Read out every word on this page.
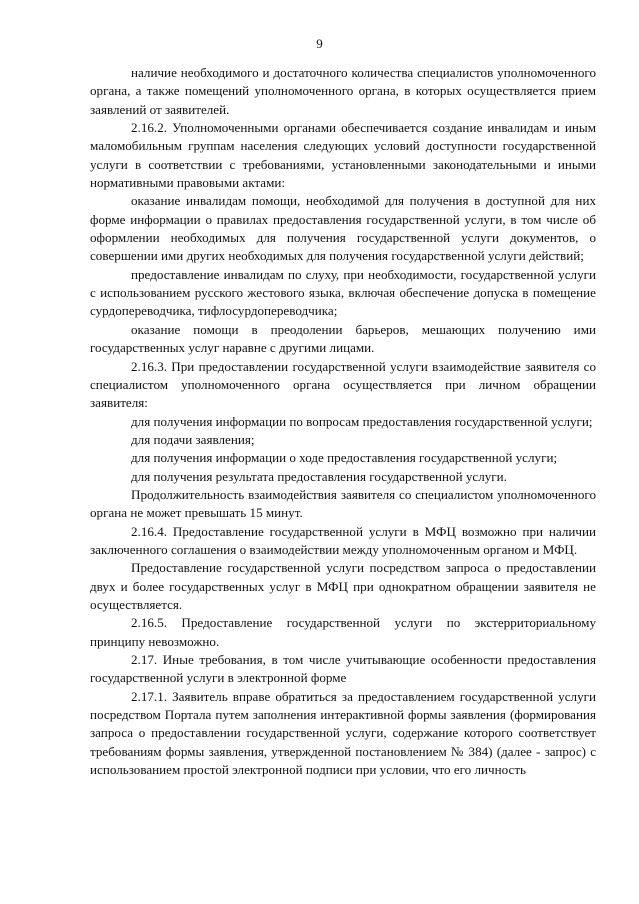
9

наличие необходимого и достаточного количества специалистов уполномоченного органа, а также помещений уполномоченного органа, в которых осуществляется прием заявлений от заявителей.

2.16.2. Уполномоченными органами обеспечивается создание инвалидам и иным маломобильным группам населения следующих условий доступности государственной услуги в соответствии с требованиями, установленными законодательными и иными нормативными правовыми актами:

оказание инвалидам помощи, необходимой для получения в доступной для них форме информации о правилах предоставления государственной услуги, в том числе об оформлении необходимых для получения государственной услуги документов, о совершении ими других необходимых для получения государственной услуги действий;

предоставление инвалидам по слуху, при необходимости, государственной услуги с использованием русского жестового языка, включая обеспечение допуска в помещение сурдопереводчика, тифлосурдопереводчика;

оказание помощи в преодолении барьеров, мешающих получению ими государственных услуг наравне с другими лицами.

2.16.3. При предоставлении государственной услуги взаимодействие заявителя со специалистом уполномоченного органа осуществляется при личном обращении заявителя:

для получения информации по вопросам предоставления государственной услуги;

для подачи заявления;

для получения информации о ходе предоставления государственной услуги;

для получения результата предоставления государственной услуги.

Продолжительность взаимодействия заявителя со специалистом уполномоченного органа не может превышать 15 минут.

2.16.4. Предоставление государственной услуги в МФЦ возможно при наличии заключенного соглашения о взаимодействии между уполномоченным органом и МФЦ.

Предоставление государственной услуги посредством запроса о предоставлении двух и более государственных услуг в МФЦ при однократном обращении заявителя не осуществляется.

2.16.5. Предоставление государственной услуги по экстерриториальному принципу невозможно.

2.17. Иные требования, в том числе учитывающие особенности предоставления государственной услуги в электронной форме

2.17.1. Заявитель вправе обратиться за предоставлением государственной услуги посредством Портала путем заполнения интерактивной формы заявления (формирования запроса о предоставлении государственной услуги, содержание которого соответствует требованиям формы заявления, утвержденной постановлением № 384) (далее - запрос) с использованием простой электронной подписи при условии, что его личность
